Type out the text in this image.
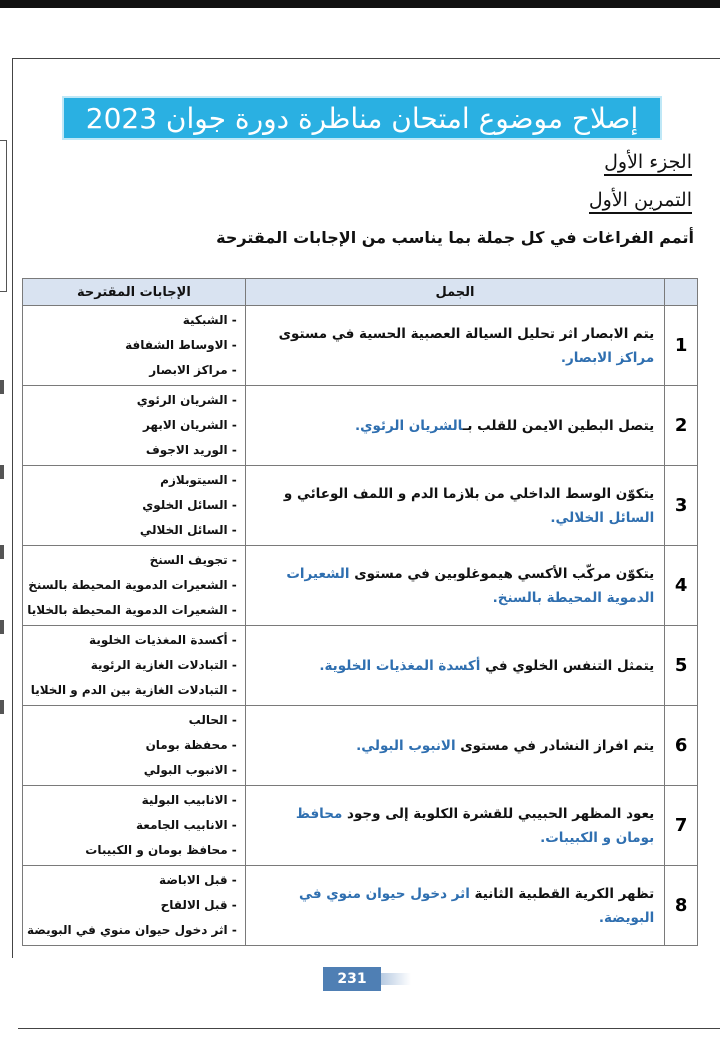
إصلاح موضوع امتحان مناظرة دورة جوان 2023
الجزء الأول
التمرين الأول
أتمم الفراغات في كل جملة بما يناسب من الإجابات المقترحة
	الجمل	الإجابات المقترحة
1	يتم الابصار اثر تحليل السيالة العصبية الحسية في مستوى مراكز الابصار.	- الشبكية
- الاوساط الشفافة
- مراكز الابصار

2	يتصل البطين الايمن للقلب بـالشريان الرئوي.	- الشريان الرئوي
- الشريان الابهر
- الوريد الاجوف

3	يتكوّن الوسط الداخلي من بلازما الدم و اللمف الوعائي و السائل الخلالي.	- السيتوبلازم
- السائل الخلوي
- السائل الخلالي

4	يتكوّن مركّب الأكسي هيموغلوبين في مستوى الشعيرات الدموية المحيطة بالسنخ.	- تجويف السنخ
- الشعيرات الدموية المحيطة بالسنخ
- الشعيرات الدموية المحيطة بالخلايا

5	يتمثل التنفس الخلوي في أكسدة المغذيات الخلوية.	- أكسدة المغذيات الخلوية
- التبادلات الغازية الرئوية
- التبادلات الغازية بين الدم و الخلايا

6	يتم افراز النشادر في مستوى الانبوب البولي.	- الحالب
- محفظة بومان
- الانبوب البولي

7	يعود المظهر الحبيبي للقشرة الكلوية إلى وجود محافظ بومان و الكبيبات.	- الانابيب البولية
- الانابيب الجامعة
- محافظ بومان و الكبيبات

8	تظهر الكرية القطبية الثانية اثر دخول حيوان منوي في البويضة.	- قبل الاباضة
- قبل الالقاح
- اثر دخول حيوان منوي في البويضة
231
